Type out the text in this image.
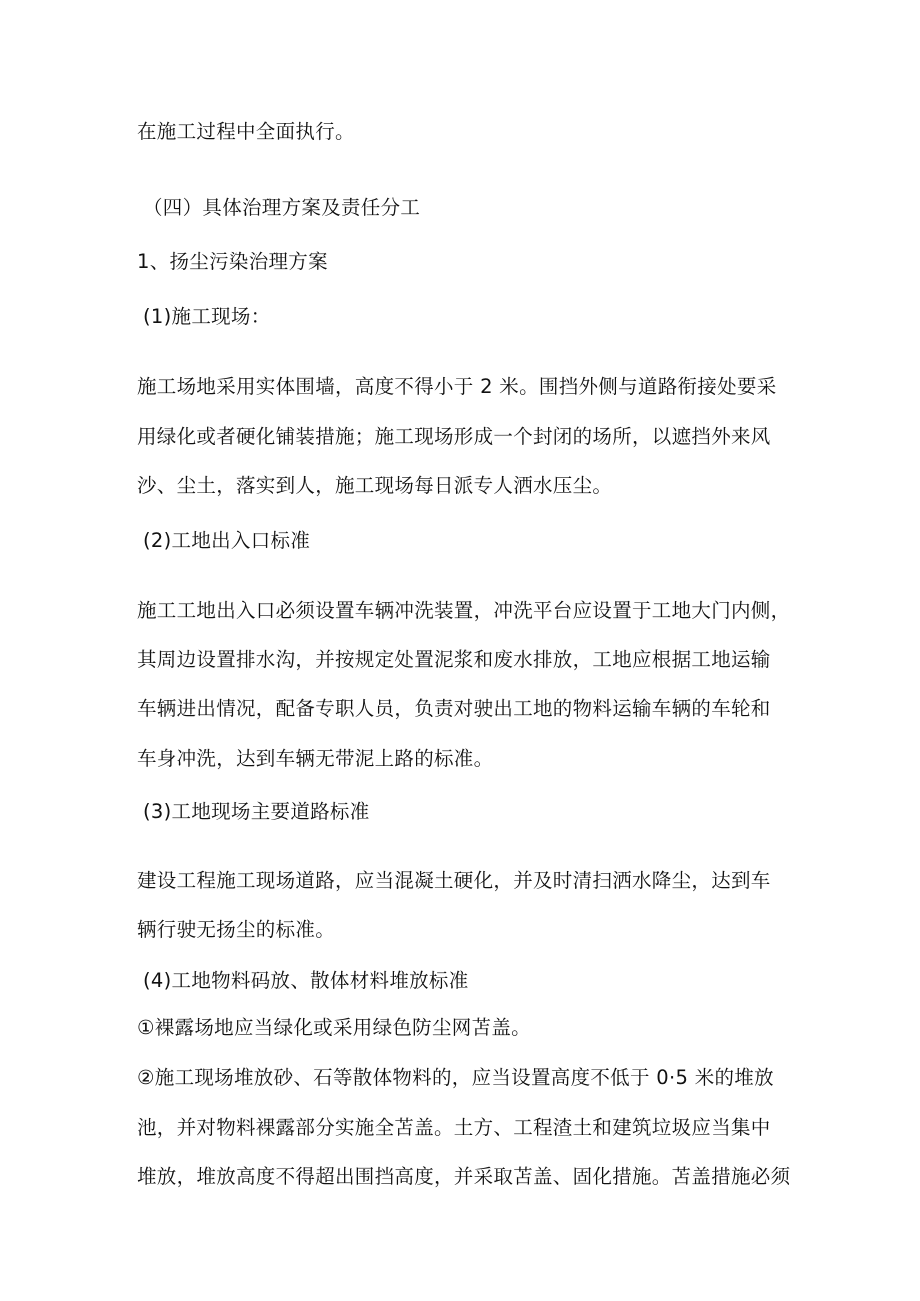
在施工过程中全面执行。

（四）具体治理方案及责任分工

1、扬尘污染治理方案

(1)施工现场：

施工场地采用实体围墙，高度不得小于 2 米。围挡外侧与道路衔接处要采

用绿化或者硬化铺装措施；施工现场形成一个封闭的场所，以遮挡外来风

沙、尘土，落实到人，施工现场每日派专人洒水压尘。

(2)工地出入口标准

施工工地出入口必须设置车辆冲洗装置，冲洗平台应设置于工地大门内侧，

其周边设置排水沟，并按规定处置泥浆和废水排放，工地应根据工地运输

车辆进出情况，配备专职人员，负责对驶出工地的物料运输车辆的车轮和

车身冲洗，达到车辆无带泥上路的标准。

(3)工地现场主要道路标准

建设工程施工现场道路，应当混凝土硬化，并及时清扫洒水降尘，达到车

辆行驶无扬尘的标准。

(4)工地物料码放、散体材料堆放标准

①裸露场地应当绿化或采用绿色防尘网苫盖。

②施工现场堆放砂、石等散体物料的，应当设置高度不低于 0·5 米的堆放

池，并对物料裸露部分实施全苫盖。土方、工程渣土和建筑垃圾应当集中

堆放，堆放高度不得超出围挡高度，并采取苫盖、固化措施。苫盖措施必须
